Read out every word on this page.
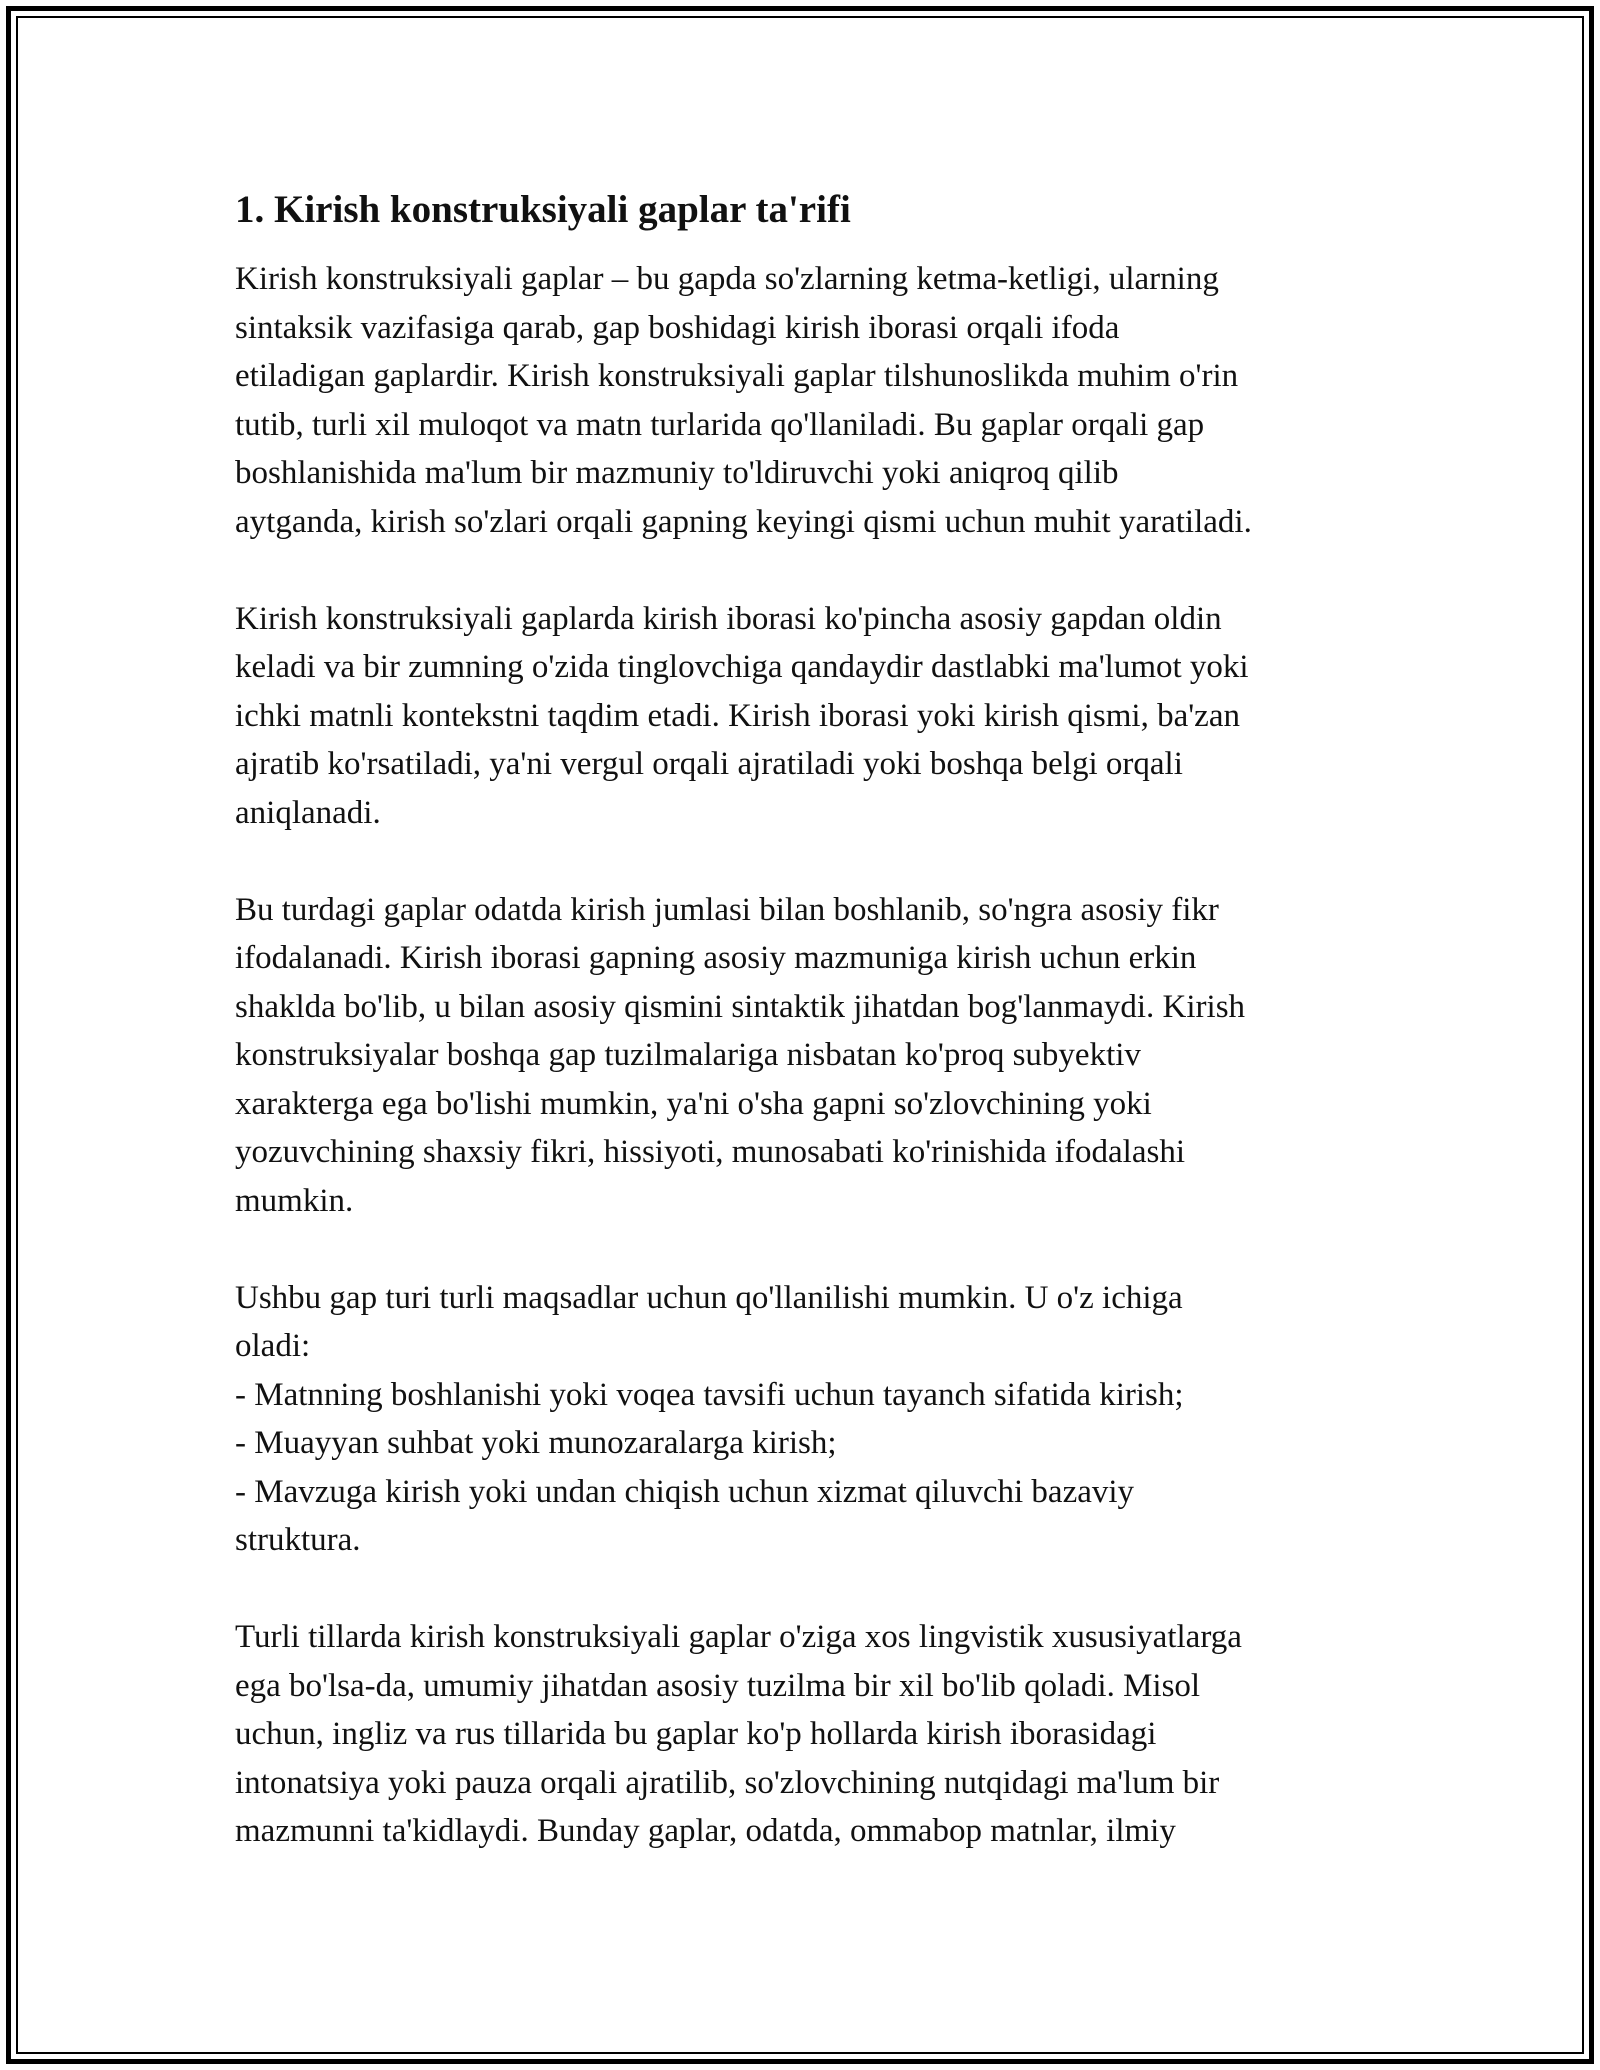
1. Kirish konstruksiyali gaplar ta'rifi

Kirish konstruksiyali gaplar – bu gapda so'zlarning ketma-ketligi, ularning
sintaksik vazifasiga qarab, gap boshidagi kirish iborasi orqali ifoda
etiladigan gaplardir. Kirish konstruksiyali gaplar tilshunoslikda muhim o'rin
tutib, turli xil muloqot va matn turlarida qo'llaniladi. Bu gaplar orqali gap
boshlanishida ma'lum bir mazmuniy to'ldiruvchi yoki aniqroq qilib
aytganda, kirish so'zlari orqali gapning keyingi qismi uchun muhit yaratiladi.

Kirish konstruksiyali gaplarda kirish iborasi ko'pincha asosiy gapdan oldin
keladi va bir zumning o'zida tinglovchiga qandaydir dastlabki ma'lumot yoki
ichki matnli kontekstni taqdim etadi. Kirish iborasi yoki kirish qismi, ba'zan
ajratib ko'rsatiladi, ya'ni vergul orqali ajratiladi yoki boshqa belgi orqali
aniqlanadi.

Bu turdagi gaplar odatda kirish jumlasi bilan boshlanib, so'ngra asosiy fikr
ifodalanadi. Kirish iborasi gapning asosiy mazmuniga kirish uchun erkin
shaklda bo'lib, u bilan asosiy qismini sintaktik jihatdan bog'lanmaydi. Kirish
konstruksiyalar boshqa gap tuzilmalariga nisbatan ko'proq subyektiv
xarakterga ega bo'lishi mumkin, ya'ni o'sha gapni so'zlovchining yoki
yozuvchining shaxsiy fikri, hissiyoti, munosabati ko'rinishida ifodalashi
mumkin.

Ushbu gap turi turli maqsadlar uchun qo'llanilishi mumkin. U o'z ichiga
oladi:
- Matnning boshlanishi yoki voqea tavsifi uchun tayanch sifatida kirish;
- Muayyan suhbat yoki munozaralarga kirish;
- Mavzuga kirish yoki undan chiqish uchun xizmat qiluvchi bazaviy
struktura.

Turli tillarda kirish konstruksiyali gaplar o'ziga xos lingvistik xususiyatlarga
ega bo'lsa-da, umumiy jihatdan asosiy tuzilma bir xil bo'lib qoladi. Misol
uchun, ingliz va rus tillarida bu gaplar ko'p hollarda kirish iborasidagi
intonatsiya yoki pauza orqali ajratilib, so'zlovchining nutqidagi ma'lum bir
mazmunni ta'kidlaydi. Bunday gaplar, odatda, ommabop matnlar, ilmiy
